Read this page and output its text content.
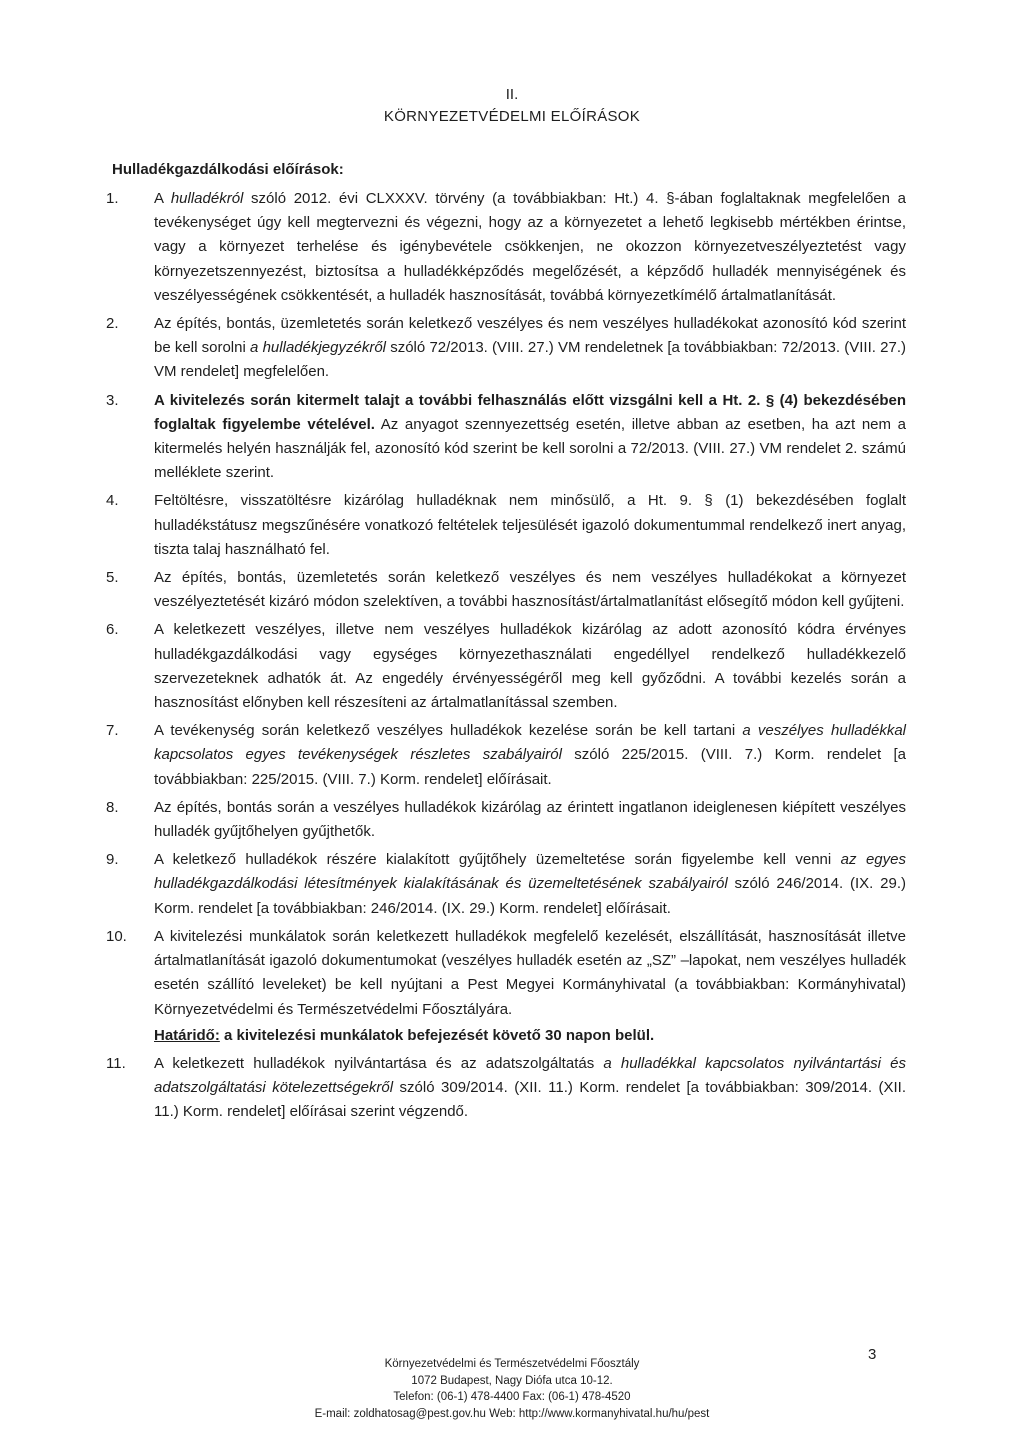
II.
KÖRNYEZETVÉDELMI ELŐÍRÁSOK
Hulladékgazdálkodási előírások:
1.	A hulladékról szóló 2012. évi CLXXXV. törvény (a továbbiakban: Ht.) 4. §-ában foglaltaknak megfelelően a tevékenységet úgy kell megtervezni és végezni, hogy az a környezetet a lehető legkisebb mértékben érintse, vagy a környezet terhelése és igénybevétele csökkenjen, ne okozzon környezetveszélyeztetést vagy környezetszennyezést, biztosítsa a hulladékképződés megelőzését, a képződő hulladék mennyiségének és veszélyességének csökkentését, a hulladék hasznosítását, továbbá környezetkímélő ártalmatlanítását.
2.	Az építés, bontás, üzemletetés során keletkező veszélyes és nem veszélyes hulladékokat azonosító kód szerint be kell sorolni a hulladékjegyzékről szóló 72/2013. (VIII. 27.) VM rendeletnek [a továbbiakban: 72/2013. (VIII. 27.) VM rendelet] megfelelően.
3.	A kivitelezés során kitermelt talajt a további felhasználás előtt vizsgálni kell a Ht. 2. § (4) bekezdésében foglaltak figyelembe vételével. Az anyagot szennyezettség esetén, illetve abban az esetben, ha azt nem a kitermelés helyén használják fel, azonosító kód szerint be kell sorolni a 72/2013. (VIII. 27.) VM rendelet 2. számú melléklete szerint.
4.	Feltöltésre, visszatöltésre kizárólag hulladéknak nem minősülő, a Ht. 9. § (1) bekezdésében foglalt hulladékstátusz megszűnésére vonatkozó feltételek teljesülését igazoló dokumentummal rendelkező inert anyag, tiszta talaj használható fel.
5.	Az építés, bontás, üzemletetés során keletkező veszélyes és nem veszélyes hulladékokat a környezet veszélyeztetését kizáró módon szelektíven, a további hasznosítást/ártalmatlanítást elősegítő módon kell gyűjteni.
6.	A keletkezett veszélyes, illetve nem veszélyes hulladékok kizárólag az adott azonosító kódra érvényes hulladékgazdálkodási vagy egységes környezethasználati engedéllyel rendelkező hulladékkezelő szervezeteknek adhatók át. Az engedély érvényességéről meg kell győződni. A további kezelés során a hasznosítást előnyben kell részesíteni az ártalmatlanítással szemben.
7.	A tevékenység során keletkező veszélyes hulladékok kezelése során be kell tartani a veszélyes hulladékkal kapcsolatos egyes tevékenységek részletes szabályairól szóló 225/2015. (VIII. 7.) Korm. rendelet [a továbbiakban: 225/2015. (VIII. 7.) Korm. rendelet] előírásait.
8.	Az építés, bontás során a veszélyes hulladékok kizárólag az érintett ingatlanon ideiglenesen kiépített veszélyes hulladék gyűjtőhelyen gyűjthetők.
9.	A keletkező hulladékok részére kialakított gyűjtőhely üzemeltetése során figyelembe kell venni az egyes hulladékgazdálkodási létesítmények kialakításának és üzemeltetésének szabályairól szóló 246/2014. (IX. 29.) Korm. rendelet [a továbbiakban: 246/2014. (IX. 29.) Korm. rendelet] előírásait.
10.	A kivitelezési munkálatok során keletkezett hulladékok megfelelő kezelését, elszállítását, hasznosítását illetve ártalmatlanítását igazoló dokumentumokat (veszélyes hulladék esetén az „SZ” –lapokat, nem veszélyes hulladék esetén szállító leveleket) be kell nyújtani a Pest Megyei Kormányhivatal (a továbbiakban: Kormányhivatal) Környezetvédelmi és Természetvédelmi Főosztályára.
Határidő: a kivitelezési munkálatok befejezését követő 30 napon belül.
11.	A keletkezett hulladékok nyilvántartása és az adatszolgáltatás a hulladékkal kapcsolatos nyilvántartási és adatszolgáltatási kötelezettségekről szóló 309/2014. (XII. 11.) Korm. rendelet [a továbbiakban: 309/2014. (XII. 11.) Korm. rendelet] előírásai szerint végzendő.
3
Környezetvédelmi és Természetvédelmi Főosztály
1072 Budapest, Nagy Diófa utca 10-12.
Telefon: (06-1) 478-4400 Fax: (06-1) 478-4520
E-mail: zoldhatosag@pest.gov.hu Web: http://www.kormanyhivatal.hu/hu/pest
